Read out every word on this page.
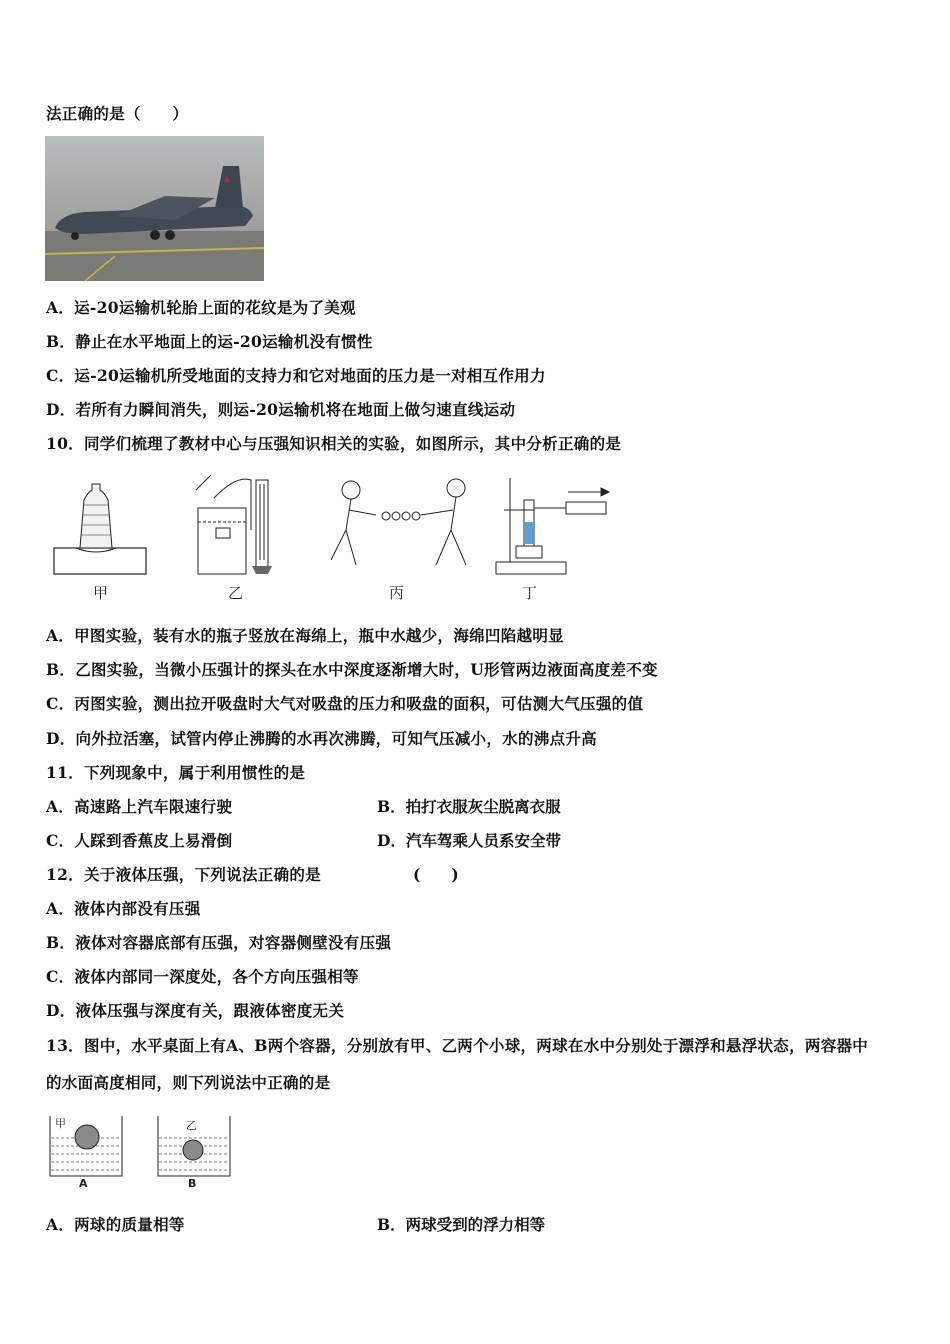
法正确的是（　　）
A．运-20运输机轮胎上面的花纹是为了美观
B．静止在水平地面上的运-20运输机没有惯性
C．运-20运输机所受地面的支持力和它对地面的压力是一对相互作用力
D．若所有力瞬间消失，则运-20运输机将在地面上做匀速直线运动
10．同学们梳理了教材中心与压强知识相关的实验，如图所示，其中分析正确的是
甲	乙	丙	丁
A．甲图实验，装有水的瓶子竖放在海绵上，瓶中水越少，海绵凹陷越明显
B．乙图实验，当微小压强计的探头在水中深度逐渐增大时，U形管两边液面高度差不变
C．丙图实验，测出拉开吸盘时大气对吸盘的压力和吸盘的面积，可估测大气压强的值
D．向外拉活塞，试管内停止沸腾的水再次沸腾，可知气压减小，水的沸点升高
11．下列现象中，属于利用惯性的是
A．高速路上汽车限速行驶	B．拍打衣服灰尘脱离衣服
C．人踩到香蕉皮上易滑倒	D．汽车驾乘人员系安全带
12．关于液体压强，下列说法正确的是	(　　)
A．液体内部没有压强
B．液体对容器底部有压强，对容器侧壁没有压强
C．液体内部同一深度处，各个方向压强相等
D．液体压强与深度有关，跟液体密度无关
13．图中，水平桌面上有A、B两个容器，分别放有甲、乙两个小球，两球在水中分别处于漂浮和悬浮状态，两容器中
的水面高度相同，则下列说法中正确的是
甲	乙
A	B
A．两球的质量相等	B．两球受到的浮力相等
